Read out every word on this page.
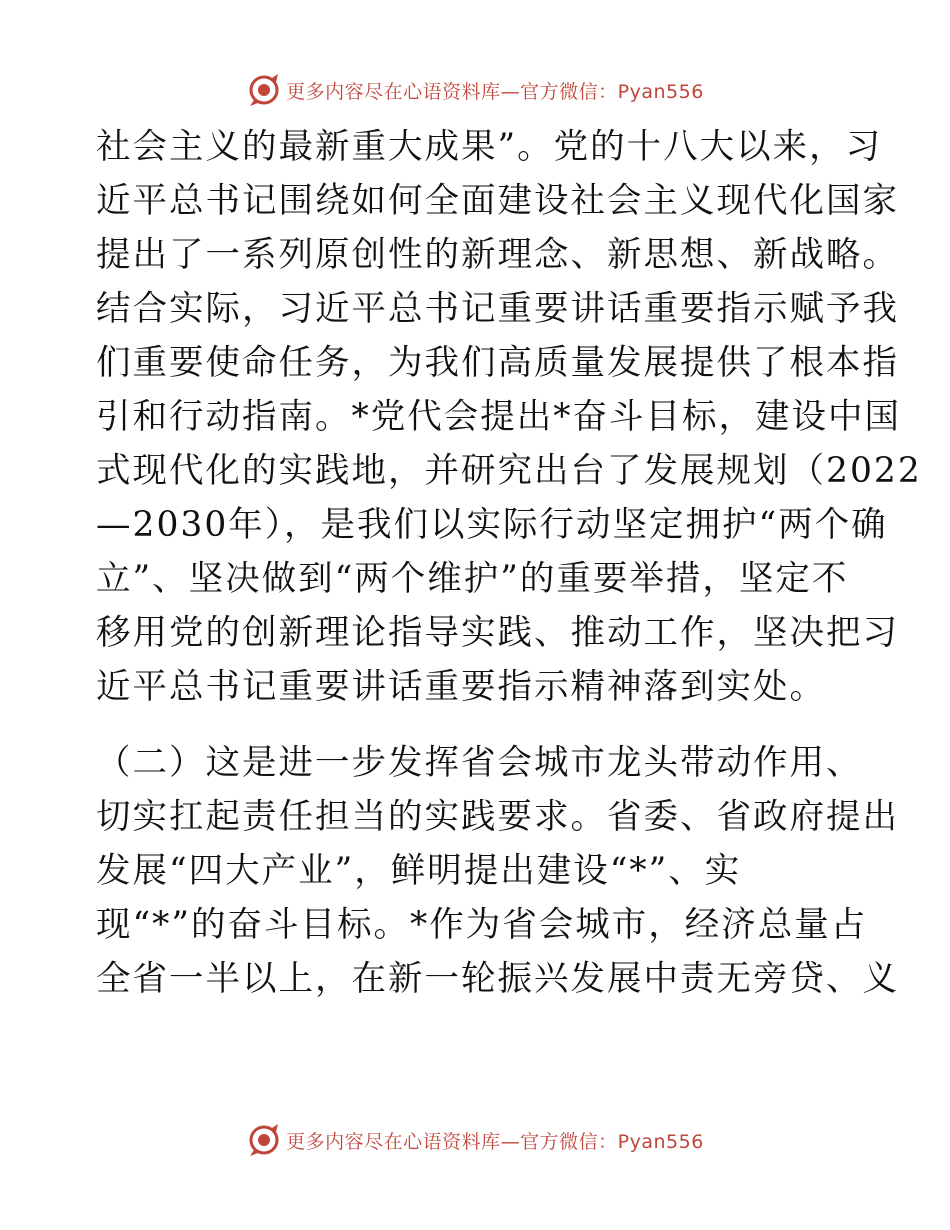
更多内容尽在心语资料库—官方微信：Pyan556
社会主义的最新重大成果”。党的十八大以来，习
近平总书记围绕如何全面建设社会主义现代化国家
提出了一系列原创性的新理念、新思想、新战略。
结合实际，习近平总书记重要讲话重要指示赋予我
们重要使命任务，为我们高质量发展提供了根本指
引和行动指南。*党代会提出*奋斗目标，建设中国
式现代化的实践地，并研究出台了发展规划（2022
—2030年），是我们以实际行动坚定拥护“两个确
立”、坚决做到“两个维护”的重要举措，坚定不
移用党的创新理论指导实践、推动工作，坚决把习
近平总书记重要讲话重要指示精神落到实处。
（二）这是进一步发挥省会城市龙头带动作用、
切实扛起责任担当的实践要求。省委、省政府提出
发展“四大产业”，鲜明提出建设“*”、实
现“*”的奋斗目标。*作为省会城市，经济总量占
全省一半以上，在新一轮振兴发展中责无旁贷、义
更多内容尽在心语资料库—官方微信：Pyan556
